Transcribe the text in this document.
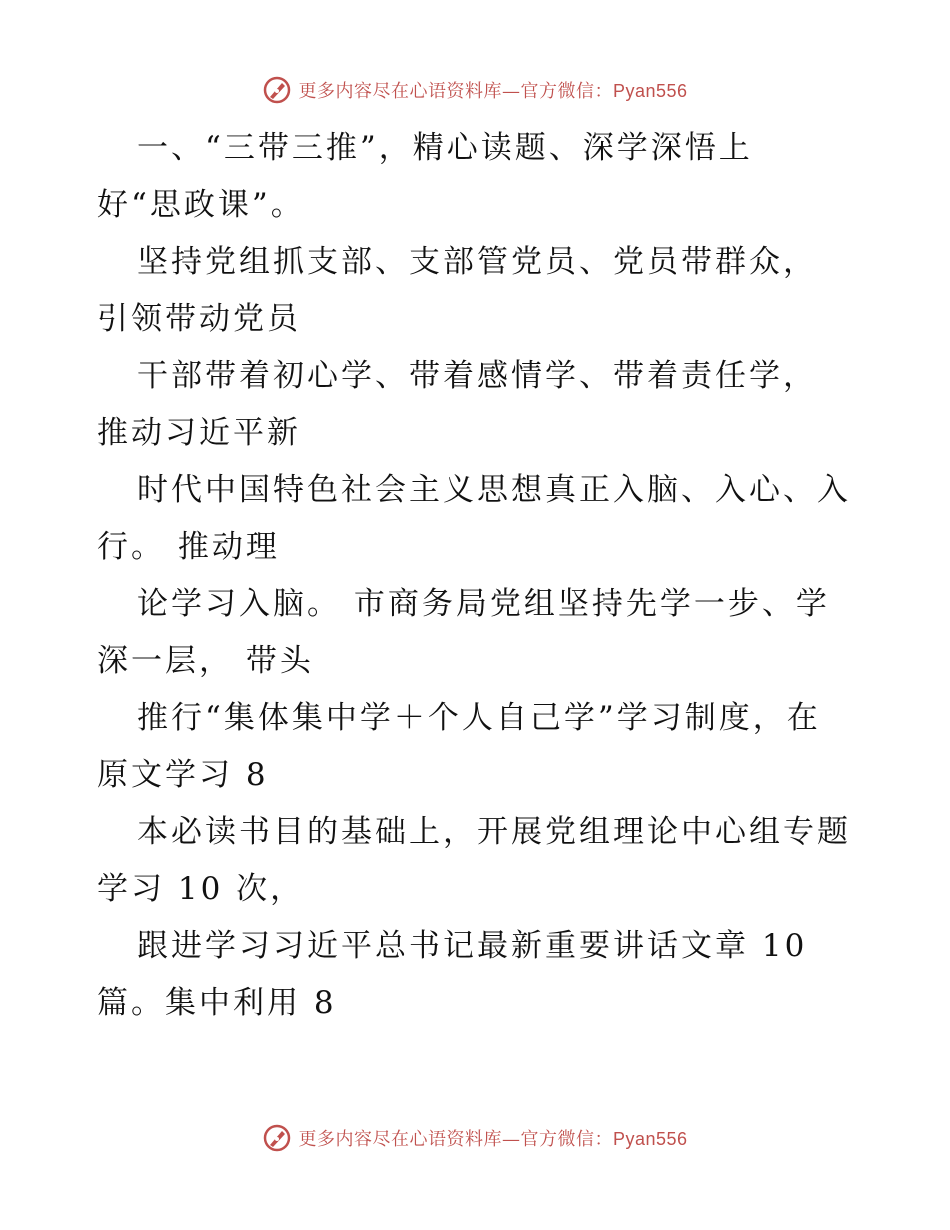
更多内容尽在心语资料库—官方微信：Pyan556

一、“三带三推”，精心读题、深学深悟上
好“思政课”。

坚持党组抓支部、支部管党员、党员带群众，
引领带动党员

干部带着初心学、带着感情学、带着责任学，
推动习近平新

时代中国特色社会主义思想真正入脑、入心、入
行。 推动理

论学习入脑。 市商务局党组坚持先学一步、学
深一层， 带头

推行“集体集中学＋个人自己学”学习制度，在
原文学习 8

本必读书目的基础上，开展党组理论中心组专题
学习 10 次，

跟进学习习近平总书记最新重要讲话文章 10
篇。集中利用 8

更多内容尽在心语资料库—官方微信：Pyan556
